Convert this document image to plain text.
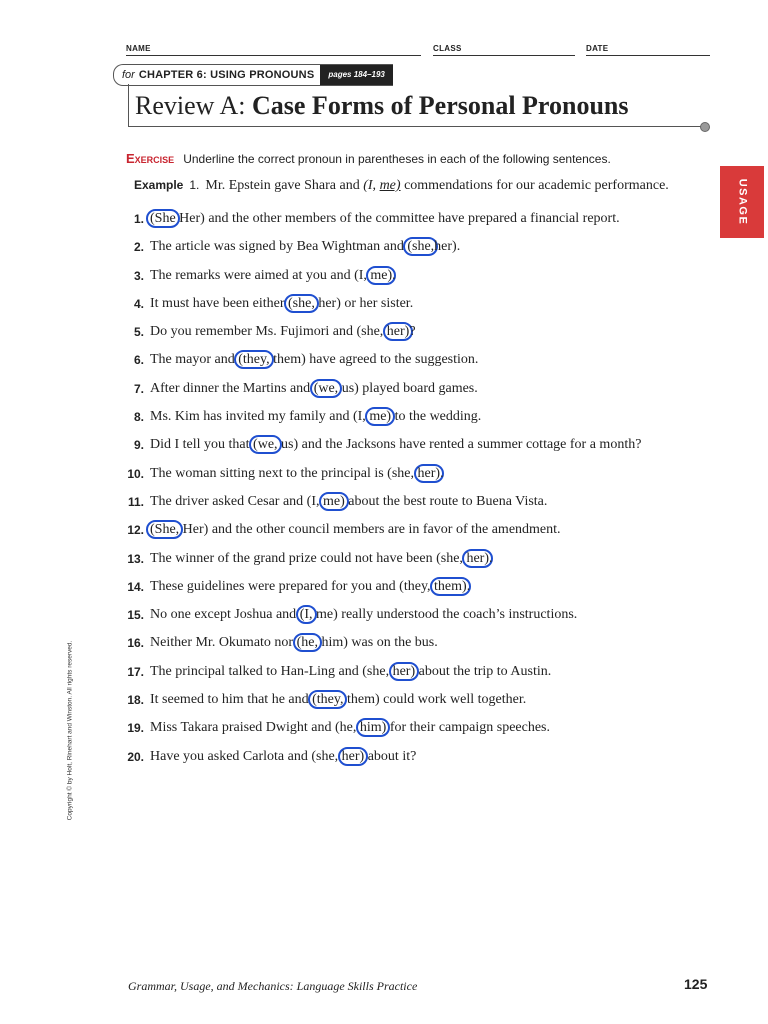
NAME	CLASS	DATE
for CHAPTER 6: USING PRONOUNS	pages 184–193
Review A: Case Forms of Personal Pronouns
USAGE
Exercise Underline the correct pronoun in parentheses in each of the following sentences.
Example 1. Mr. Epstein gave Shara and (I, me) commendations for our academic performance.
1. (She Her) and the other members of the committee have prepared a financial report.
2. The article was signed by Bea Wightman and (she,her).
3. The remarks were aimed at you and (I, me).
4. It must have been either (she, her) or her sister.
5. Do you remember Ms. Fujimori and (she, her)?
6. The mayor and (they, them) have agreed to the suggestion.
7. After dinner the Martins and (we, us) played board games.
8. Ms. Kim has invited my family and (I, me) to the wedding.
9. Did I tell you that (we, us) and the Jacksons have rented a summer cottage for a month?
10. The woman sitting next to the principal is (she, her).
11. The driver asked Cesar and (I, me) about the best route to Buena Vista.
12. (She, Her) and the other council members are in favor of the amendment.
13. The winner of the grand prize could not have been (she, her).
14. These guidelines were prepared for you and (they, them).
15. No one except Joshua and (I, me) really understood the coach’s instructions.
16. Neither Mr. Okumato nor (he, him) was on the bus.
17. The principal talked to Han-Ling and (she, her) about the trip to Austin.
18. It seemed to him that he and (they, them) could work well together.
19. Miss Takara praised Dwight and (he, him) for their campaign speeches.
20. Have you asked Carlota and (she, her) about it?
Copyright © by Holt, Rinehart and Winston. All rights reserved.
Grammar, Usage, and Mechanics: Language Skills Practice	125
